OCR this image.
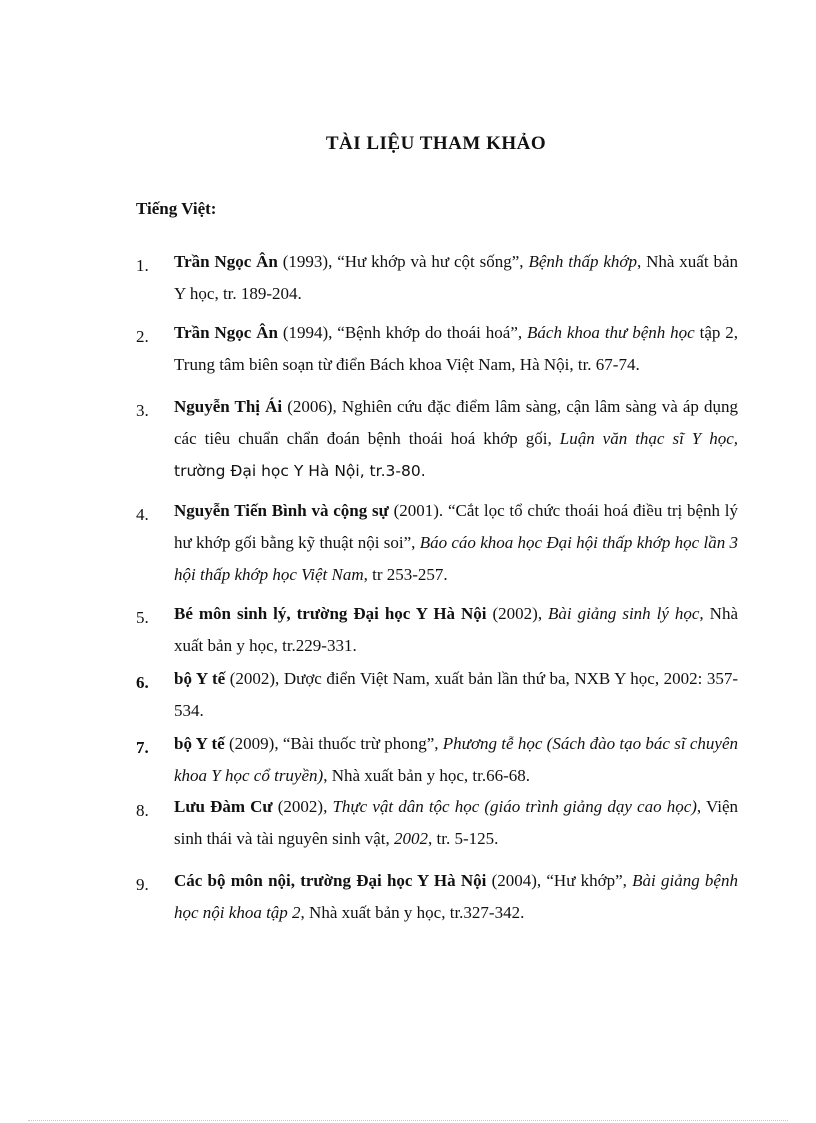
TÀI LIỆU THAM KHẢO
Tiếng Việt:
1.	Trần Ngọc Ân (1993), “Hư khớp và hư cột sống”, Bệnh thấp khớp, Nhà xuất bản Y học, tr. 189-204.
2.	Trần Ngọc Ân (1994), “Bệnh khớp do thoái hoá”, Bách khoa thư bệnh học tập 2, Trung tâm biên soạn từ điển Bách khoa Việt Nam, Hà Nội, tr. 67-74.
3.	Nguyễn Thị Ái (2006), Nghiên cứu đặc điểm lâm sàng, cận lâm sàng và áp dụng các tiêu chuẩn chẩn đoán bệnh thoái hoá khớp gối, Luận văn thạc sĩ Y học, trường Đại học Y Hà Nội, tr.3-80.
4.	Nguyễn Tiến Bình và cộng sự (2001). “Cắt lọc tổ chức thoái hoá điều trị bệnh lý hư khớp gối bằng kỹ thuật nội soi”, Báo cáo khoa học Đại hội thấp khớp học lần 3 hội thấp khớp học Việt Nam, tr 253-257.
5.	Bé môn sinh lý, trường Đại học Y Hà Nội (2002), Bài giảng sinh lý học, Nhà xuất bản y học, tr.229-331.
6.	bộ Y tế (2002), Dược điển Việt Nam, xuất bản lần thứ ba, NXB Y học, 2002: 357-534.
7.	bộ Y tế (2009), “Bài thuốc trừ phong”, Phương tễ học (Sách đào tạo bác sĩ chuyên khoa Y học cổ truyền), Nhà xuất bản y học, tr.66-68.
8.	Lưu Đàm Cư (2002), Thực vật dân tộc học (giáo trình giảng dạy cao học), Viện sinh thái và tài nguyên sinh vật, 2002, tr. 5-125.
9.	Các bộ môn nội, trường Đại học Y Hà Nội (2004), “Hư khớp”, Bài giảng bệnh học nội khoa tập 2, Nhà xuất bản y học, tr.327-342.
